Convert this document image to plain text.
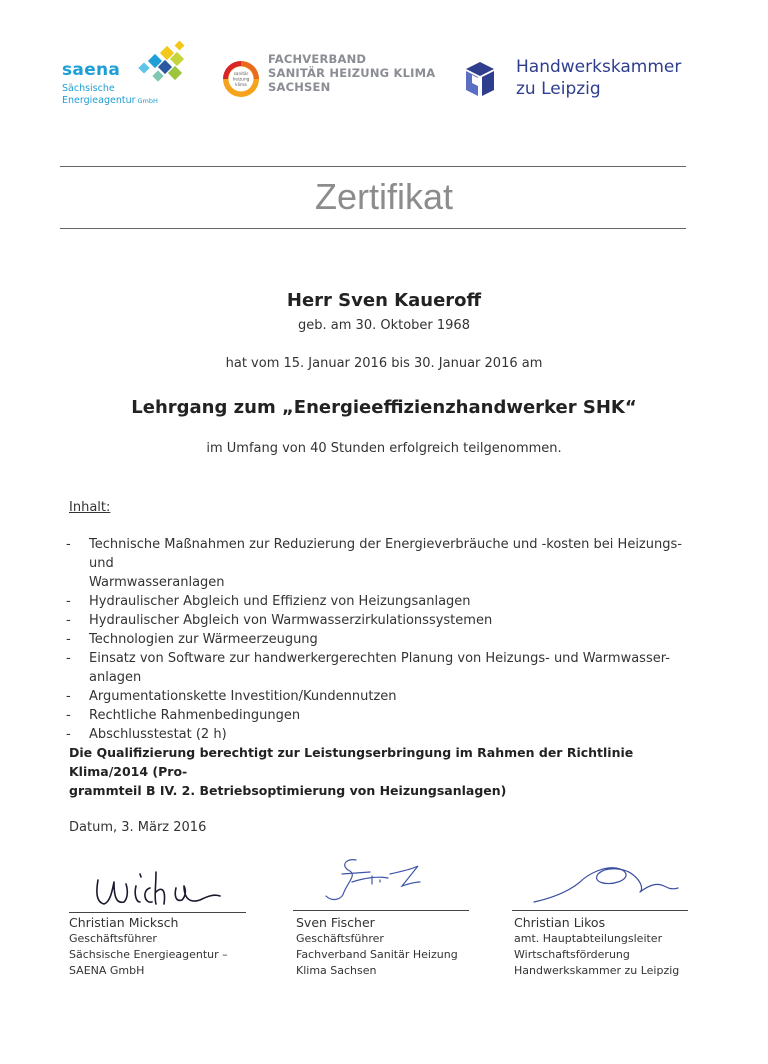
saena
Sächsische
Energieagentur GmbH
sanitär
heizung
klima
FACHVERBAND
SANITÄR HEIZUNG KLIMA
SACHSEN
Handwerkskammer
zu Leipzig
Zertifikat
Herr Sven Kaueroff
geb. am 30. Oktober 1968
hat vom 15. Januar 2016 bis 30. Januar 2016 am
Lehrgang zum „Energieeffizienzhandwerker SHK“
im Umfang von 40 Stunden erfolgreich teilgenommen.
Inhalt:
- Technische Maßnahmen zur Reduzierung der Energieverbräuche und -kosten bei Heizungs- und
Warmwasseranlagen
- Hydraulischer Abgleich und Effizienz von Heizungsanlagen
- Hydraulischer Abgleich von Warmwasserzirkulationssystemen
- Technologien zur Wärmeerzeugung
- Einsatz von Software zur handwerkergerechten Planung von Heizungs- und Warmwasser-
anlagen
- Argumentationskette Investition/Kundennutzen
- Rechtliche Rahmenbedingungen
- Abschlusstestat (2 h)
Die Qualifizierung berechtigt zur Leistungserbringung im Rahmen der Richtlinie Klima/2014 (Pro-
grammteil B IV. 2. Betriebsoptimierung von Heizungsanlagen)
Datum, 3. März 2016
Christian Micksch
Geschäftsführer
Sächsische Energieagentur –
SAENA GmbH
Sven Fischer
Geschäftsführer
Fachverband Sanitär Heizung
Klima Sachsen
Christian Likos
amt. Hauptabteilungsleiter
Wirtschaftsförderung
Handwerkskammer zu Leipzig
